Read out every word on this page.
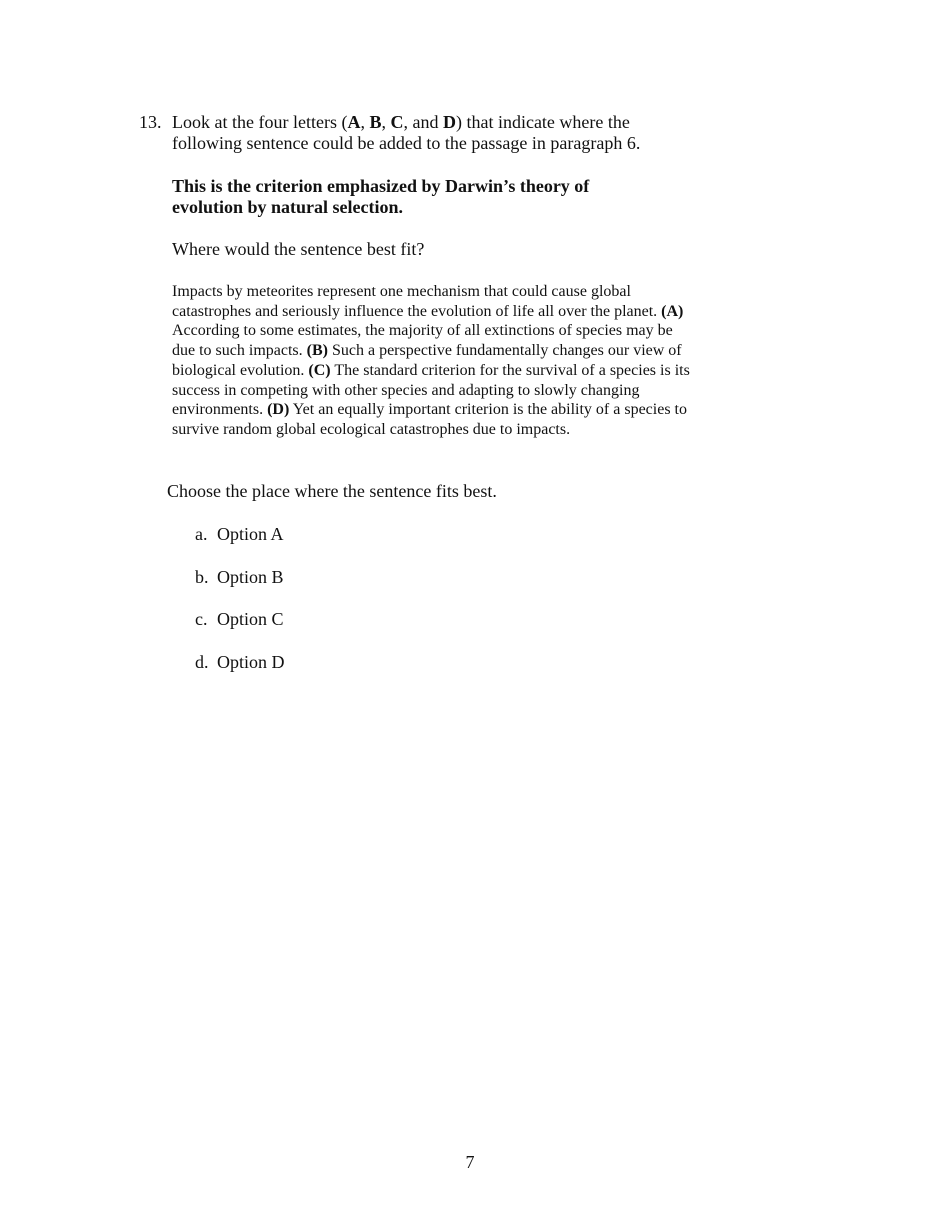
13. Look at the four letters (A, B, C, and D) that indicate where the following sentence could be added to the passage in paragraph 6.
This is the criterion emphasized by Darwin’s theory of evolution by natural selection.
Where would the sentence best fit?
Impacts by meteorites represent one mechanism that could cause global catastrophes and seriously influence the evolution of life all over the planet. (A) According to some estimates, the majority of all extinctions of species may be due to such impacts. (B) Such a perspective fundamentally changes our view of biological evolution. (C) The standard criterion for the survival of a species is its success in competing with other species and adapting to slowly changing environments. (D) Yet an equally important criterion is the ability of a species to survive random global ecological catastrophes due to impacts.
Choose the place where the sentence fits best.
a. Option A
b. Option B
c. Option C
d. Option D
7
